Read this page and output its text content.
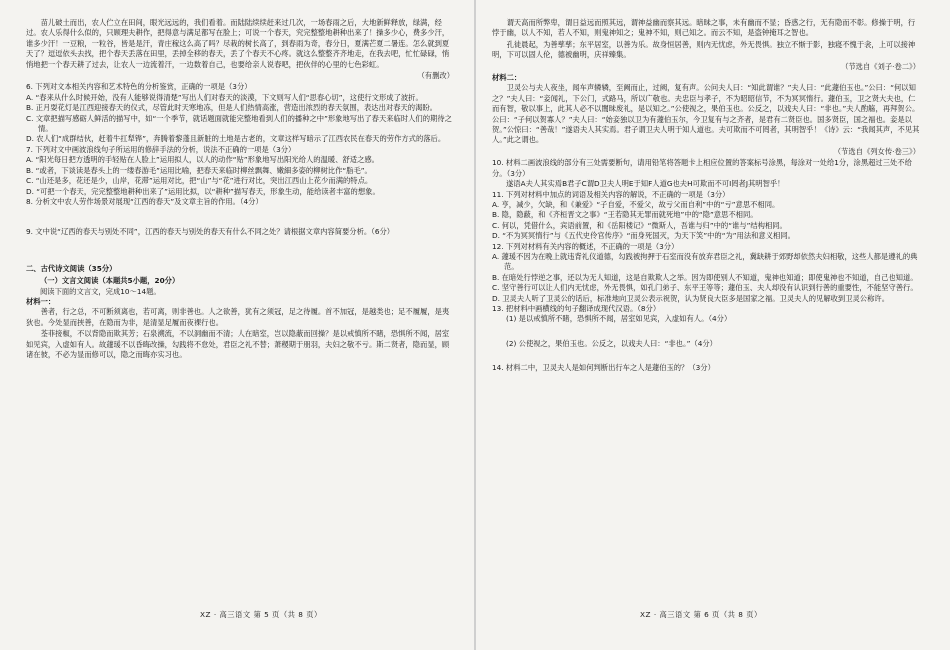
苗儿破土而出，农人伫立在田间，眼光远远的，我们看着。而陆陆续续赶来过几次，一场春雨之后，大地新鲜释放，绿满，经过。农人乐得什么似的，只顾理夫耕作，把得意与满足都写在脸上；可说一个春天，究完整整地耕种出来了！操多少心，费多少汗，谁多少汗！一豆粮，一粒谷，皆是是汗，青庄稼这么高了吗？尽栽的树长高了，到春雨为奇，春分日，夏满芒夏二暑连。怎么就到夏天了？逗逗依头去找，把个春天丢落在田里，丢掉全移的春天，丢了个春天不心疼。就这么整整齐齐地走，在我去吧，忙忙碌碌，悄悄地把一个春天耕了过去，让农人一边流着汗，一边数着自己，也要给亲人说春吧，把伙伴的心里的七色彩虹。

（有删改）

6. 下列对文本相关内容和艺术特色的分析鉴赏，正确的一项是（3分）

A. “春来从什么时候开始，没有人能够说得清楚”写出人们对春天的淡漠，下文则写人们“思春心切”，这使行文形成了波折。

B. 正月耍花灯是江西迎接春天的仪式，尽管此时天寒地冻，但是人们热情高涨，营造出浓烈的春天氛围，表达出对春天的渴盼。

C. 文章把描写感砺人鲜活的描写中，如“一个季节，就话题面就能完整地看到人们的播种之中”形象地写出了春天来临时人们的期待之情。

D. 农人们“成群结伙，赶着牛扛犁铧”，奔腾着黎蓬且新脏的土地是古老的，文章这样写暗示了江西农民在春天的劳作方式的落后。

7. 下列对文中画波浪线句子所运用的修辞手法的分析，说法不正确的一项是（3分）

A. “阳光每日把方透明的手轻贴在人脸上”运用拟人，以人的动作“贴”形象地写出阳光给人的温暖、舒适之感。

B. “或者，下谈读是春头上的一缕春游毛”运用比喻，把春天来临时柳丝飘舞、嫩細多姿的柳树比作“脂毛”。

C. “山还是多，花还是少，山岸，花滞”运用对比，把“山”与“花”进行对比，突出江西山上花少而满的特点。

D. “可把一个春天，完完整整地耕种出来了”运用比拟，以“耕种”描写春天，形象生动，能给读者丰富的想象。

8. 分析文中农人劳作场景对展现“江西的春天”及文章主旨的作用。（4分）

9. 文中说“辽西的春天与别处不同”，江西的春天与别处的春天有什么不同之处？请根据文章内容简要分析。（6分）

二、古代诗文阅读（35分）

（一）文言文阅读（本题共5小题，20分）

阅读下面的文言文，完成10～14题。

材料一：

善者，行之总，不可断须离也，若可离，则非善也。人之欲善，犹有之须冠，足之待履。首不加冠，是越类也；足不履履，是夷狄也。今处显而挟善，在隐而为非，是清显足履而夜裸行也。

荃菲接椒，不以背隐而欺其芳；石泉溯流，不以洞幽而不清；人在暗室，岂以隐蔽而回操？是以戒慎所不睹，恐惧所不闻，居室如见宾，入虚如有人。故蘧瑗不以昏晦改操，勾践将不怠处，君臣之礼不替；萧稷期于朋羽，夫妇之敬不亏。斯二贤者，隐而显，顾诸在彼，不必为显而修可以，隐之而晦亦实习也。

谓天高而所弊卑，谓日益远而照其远，谓神益幽而察其远。暗昧之事，未有幽而不显；昏惑之行，无有隐而不彰。修操于明，行悖于幽，以人不知，若人不知，则鬼神知之；鬼神不知，则己知之。而云不知，是盗钟掩耳之智也。

孔徒晨起，为善孳孳；东平居室，以善为乐。故身恒居善，则内无忧虑，外无畏惧。独立不惭于影，独寝不愧于衾，上可以接神明，下可以固人伦，德被幽明，庆祥臻集。

（节选自《刘子·卷二》）

材料二：

卫灵公与夫人夜坐，闻车声辚辚，至阙而止，过阙，复有声。公问夫人曰：“知此谓谁？”夫人曰：“此蘧伯玉也。”公曰：“何以知之？”夫人曰：“妾闻礼，下公门，式路马，所以广敬也。夫忠臣与孝子，不为昭昭信节，不为冥冥惰行。蘧伯玉，卫之贤大夫也，仁而有智，敬以事上，此其人必不以闇昧废礼，是以知之。”公使视之，果伯玉也。公反之，以戏夫人曰：“非也。”夫人酌觞，再拜贺公。公曰：“子何以贺寡人？”夫人曰：“始妾独以卫为有蘧伯玉尔，今卫复有与之齐者，是君有二贤臣也。国多贤臣，国之福也。妾是以贺。”公惊曰：“善哉！”遂语夫人其实焉。君子谓卫夫人明于知人道也。夫可欺而不可罔者，其明智乎！《诗》云：“我闻其声，不见其人。”此之谓也。

（节选自《列女传·卷三》）

10. 材料二画波浪线的部分有三处需要断句，请用铅笔将答题卡上相应位置的答案标号涂黑，每涂对一处给1分，涂黑超过三处不给分。（3分）

遂语A夫人其实焉B君子C谓D卫夫人明E于知F人道G也夫H可欺而不可I罔者J其明智乎！

11. 下列对材料中加点的词语及相关内容的解说，不正确的一项是（3分）

A. 亨，减少，欠缺，和《兼爱》“子自爱，不爱父，故亏父而自利”中的“亏”意思不相同。

B. 隐，隐蔽，和《齐桓晋文之事》“王若隐其无罪而就死地”中的“隐”意思不相同。

C. 何以，凭借什么，宾语前置，和《岳阳楼记》“微斯人，吾谁与归”中的“谁与”结构相同。

D. “不为冥冥惰行”与《五代史伶官传序》“而身死国灭，为天下笑”中的“为”用法和意义相同。

12. 下列对材料有关内容的概述，不正确的一项是（3分）

A. 蘧瑗不因为在晚上就违背礼仪道德，勾践被拘押于石室而没有放弃君臣之礼，冀缺耕于郊野却依然夫妇相敬，这些人都是遵礼的典范。

B. 在暗处行悖逆之事，还以为无人知道，这是自欺欺人之举。因为即使别人不知道，鬼神也知道；即使鬼神也不知道，自己也知道。

C. 坚守善行可以让人们内无忧虑，外无畏惧，如孔门弟子、东平王等等；蘧伯玉、夫人却没有认识到行善的重要性，不能坚守善行。

D. 卫灵夫人听了卫灵公的话后，标准地向卫灵公表示祝贺，认为贤良大臣多是国家之福。卫灵夫人的见解收到卫灵公称许。

13. 把材料中画横线的句子翻译成现代汉语。（8分）

(1) 是以戒慎所不睹，恐惧所不闻，居室如见宾，入虚如有人。（4分）

(2) 公使视之，果伯玉也。公反之，以戏夫人曰：“非也。”（4分）

14. 材料二中，卫灵夫人是如何判断出行车之人是蘧伯玉的？（3分）

XZ · 高三语文 第 5 页（共 8 页）	XZ · 高三语文 第 6 页（共 8 页）
